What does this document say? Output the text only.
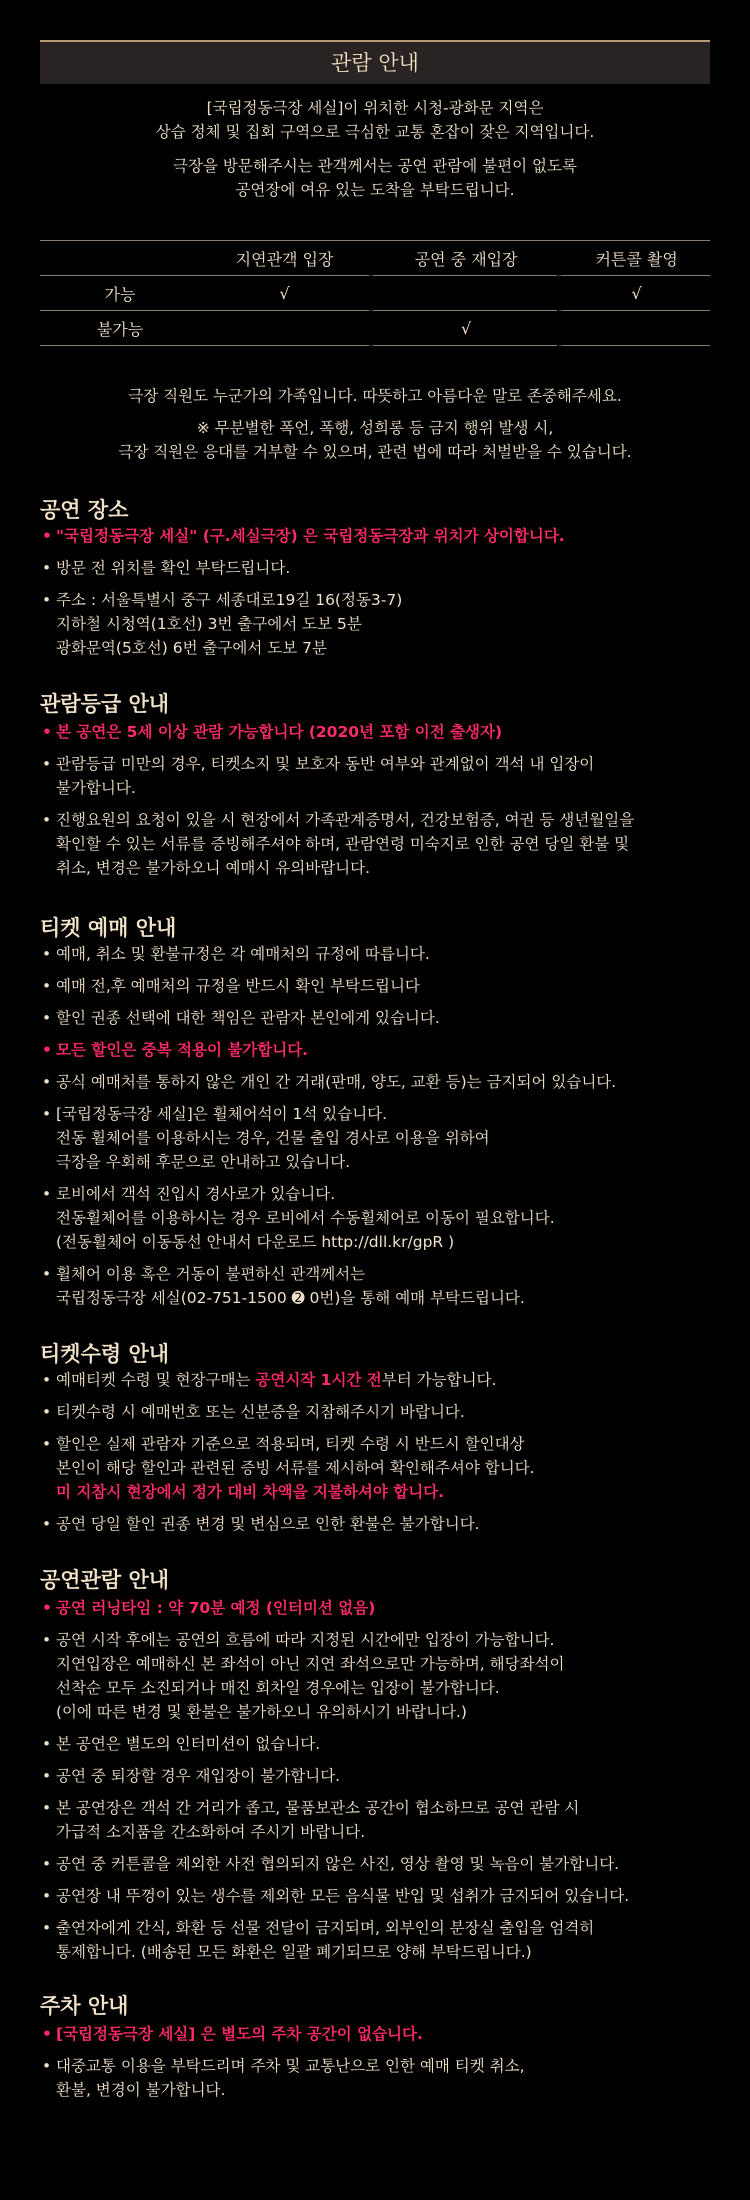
관람 안내
[국립정동극장 세실]이 위치한 시청-광화문 지역은
상습 정체 및 집회 구역으로 극심한 교통 혼잡이 잦은 지역입니다.
극장을 방문해주시는 관객께서는 공연 관람에 불편이 없도록
공연장에 여유 있는 도착을 부탁드립니다.
	지연관객 입장	공연 중 재입장	커튼콜 촬영
가능	√		√
불가능		√	
극장 직원도 누군가의 가족입니다. 따뜻하고 아름다운 말로 존중해주세요.
※ 무분별한 폭언, 폭행, 성희롱 등 금지 행위 발생 시,
극장 직원은 응대를 거부할 수 있으며, 관련 법에 따라 처벌받을 수 있습니다.
공연 장소
• "국립정동극장 세실" (구.세실극장) 은 국립정동극장과 위치가 상이합니다.
• 방문 전 위치를 확인 부탁드립니다.
• 주소 : 서울특별시 중구 세종대로19길 16(정동3-7)
지하철 시청역(1호선) 3번 출구에서 도보 5분
광화문역(5호선) 6번 출구에서 도보 7분
관람등급 안내
• 본 공연은 5세 이상 관람 가능합니다 (2020년 포함 이전 출생자)
• 관람등급 미만의 경우, 티켓소지 및 보호자 동반 여부와 관계없이 객석 내 입장이
불가합니다.
• 진행요원의 요청이 있을 시 현장에서 가족관계증명서, 건강보험증, 여권 등 생년월일을
확인할 수 있는 서류를 증빙해주셔야 하며, 관람연령 미숙지로 인한 공연 당일 환불 및
취소, 변경은 불가하오니 예매시 유의바랍니다.
티켓 예매 안내
• 예매, 취소 및 환불규정은 각 예매처의 규정에 따릅니다.
• 예매 전,후 예매처의 규정을 반드시 확인 부탁드립니다
• 할인 권종 선택에 대한 책임은 관람자 본인에게 있습니다.
• 모든 할인은 중복 적용이 불가합니다.
• 공식 예매처를 통하지 않은 개인 간 거래(판매, 양도, 교환 등)는 금지되어 있습니다.
• [국립정동극장 세실]은 휠체어석이 1석 있습니다.
전동 휠체어를 이용하시는 경우, 건물 출입 경사로 이용을 위하여
극장을 우회해 후문으로 안내하고 있습니다.
• 로비에서 객석 진입시 경사로가 있습니다.
전동휠체어를 이용하시는 경우 로비에서 수동휠체어로 이동이 필요합니다.
(전동휠체어 이동동선 안내서 다운로드 http://dll.kr/gpR )
• 휠체어 이용 혹은 거동이 불편하신 관객께서는
국립정동극장 세실(02-751-1500 ➋ 0번)을 통해 예매 부탁드립니다.
티켓수령 안내
• 예매티켓 수령 및 현장구매는 공연시작 1시간 전부터 가능합니다.
• 티켓수령 시 예매번호 또는 신분증을 지참해주시기 바랍니다.
• 할인은 실제 관람자 기준으로 적용되며, 티켓 수령 시 반드시 할인대상
본인이 해당 할인과 관련된 증빙 서류를 제시하여 확인해주셔야 합니다.
미 지참시 현장에서 정가 대비 차액을 지불하셔야 합니다.
• 공연 당일 할인 권종 변경 및 변심으로 인한 환불은 불가합니다.
공연관람 안내
• 공연 러닝타임 : 약 70분 예정 (인터미션 없음)
• 공연 시작 후에는 공연의 흐름에 따라 지정된 시간에만 입장이 가능합니다.
지연입장은 예매하신 본 좌석이 아닌 지연 좌석으로만 가능하며, 해당좌석이
선착순 모두 소진되거나 매진 회차일 경우에는 입장이 불가합니다.
(이에 따른 변경 및 환불은 불가하오니 유의하시기 바랍니다.)
• 본 공연은 별도의 인터미션이 없습니다.
• 공연 중 퇴장할 경우 재입장이 불가합니다.
• 본 공연장은 객석 간 거리가 좁고, 물품보관소 공간이 협소하므로 공연 관람 시
가급적 소지품을 간소화하여 주시기 바랍니다.
• 공연 중 커튼콜을 제외한 사전 협의되지 않은 사진, 영상 촬영 및 녹음이 불가합니다.
• 공연장 내 뚜껑이 있는 생수를 제외한 모든 음식물 반입 및 섭취가 금지되어 있습니다.
• 출연자에게 간식, 화환 등 선물 전달이 금지되며, 외부인의 분장실 출입을 엄격히
통제합니다. (배송된 모든 화환은 일괄 폐기되므로 양해 부탁드립니다.)
주차 안내
• [국립정동극장 세실] 은 별도의 주차 공간이 없습니다.
• 대중교통 이용을 부탁드리며 주차 및 교통난으로 인한 예매 티켓 취소,
환불, 변경이 불가합니다.
